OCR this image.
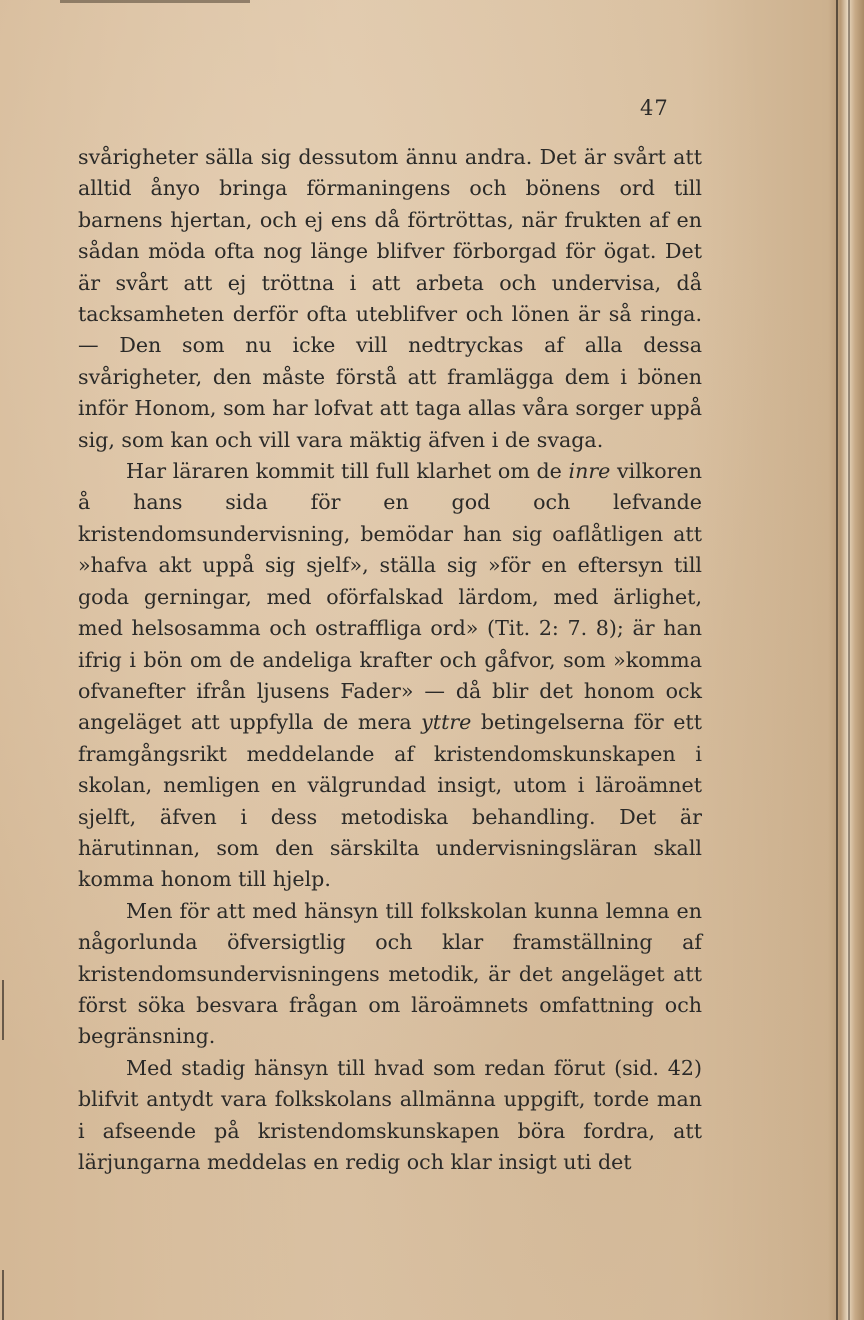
47

svårigheter sälla sig dessutom ännu andra. Det är svårt att alltid ånyo bringa förmaningens och bönens ord till barnens hjertan, och ej ens då förtröttas, när frukten af en sådan möda ofta nog länge blifver förborgad för ögat. Det är svårt att ej tröttna i att arbeta och undervisa, då tacksamheten derför ofta uteblifver och lönen är så ringa. — Den som nu icke vill nedtryckas af alla dessa svårigheter, den måste förstå att framlägga dem i bönen inför Honom, som har lofvat att taga allas våra sorger uppå sig, som kan och vill vara mäktig äfven i de svaga.

Har läraren kommit till full klarhet om de inre vilkoren å hans sida för en god och lefvande kristendomsundervisning, bemödar han sig oaflåtligen att »hafva akt uppå sig sjelf», ställa sig »för en eftersyn till goda gerningar, med oförfalskad lärdom, med ärlighet, med helsosamma och ostraffliga ord» (Tit. 2: 7. 8); är han ifrig i bön om de andeliga krafter och gåfvor, som »komma ofvanefter ifrån ljusens Fader» — då blir det honom ock angeläget att uppfylla de mera yttre betingelserna för ett framgångsrikt meddelande af kristendomskunskapen i skolan, nemligen en välgrundad insigt, utom i läroämnet sjelft, äfven i dess metodiska behandling. Det är härutinnan, som den särskilta undervisningsläran skall komma honom till hjelp.

Men för att med hänsyn till folkskolan kunna lemna en någorlunda öfversigtlig och klar framställning af kristendomsundervisningens metodik, är det angeläget att först söka besvara frågan om läroämnets omfattning och begränsning.

Med stadig hänsyn till hvad som redan förut (sid. 42) blifvit antydt vara folkskolans allmänna uppgift, torde man i afseende på kristendomskunskapen böra fordra, att lärjungarna meddelas en redig och klar insigt uti det
